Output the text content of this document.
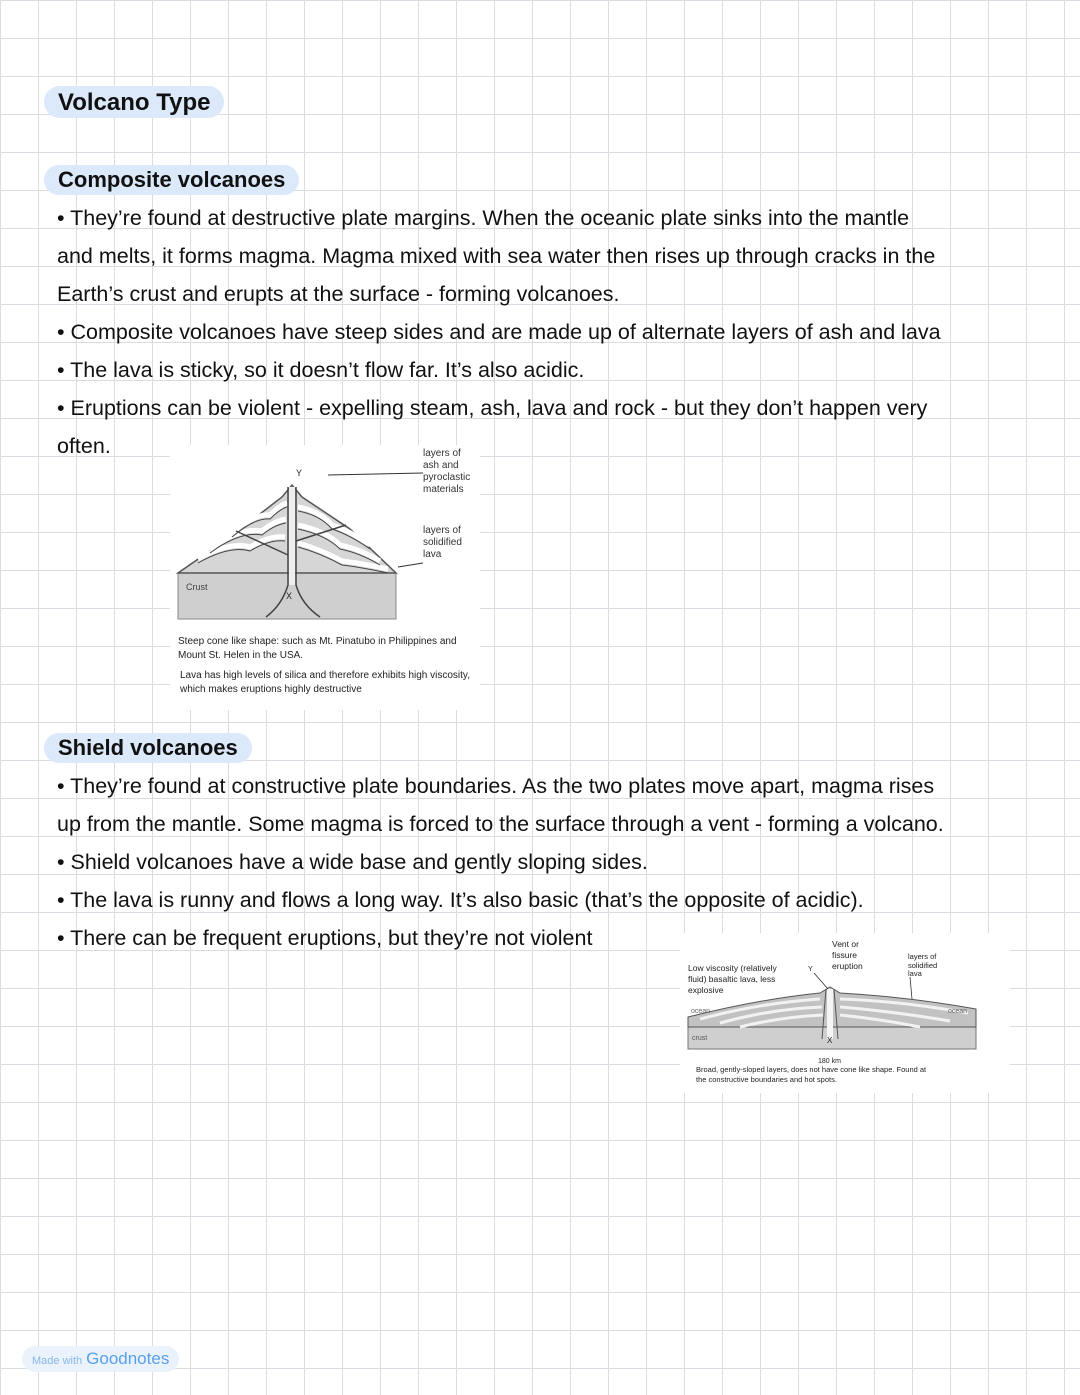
Volcano Type
Composite volcanoes
• They’re found at destructive plate margins. When the oceanic plate sinks into the mantle
and melts, it forms magma. Magma mixed with sea water then rises up through cracks in the
Earth’s crust and erupts at the surface - forming volcanoes.
• Composite volcanoes have steep sides and are made up of alternate layers of ash and lava
• The lava is sticky, so it doesn’t flow far. It’s also acidic.
• Eruptions can be violent - expelling steam, ash, lava and rock - but they don’t happen very
often.
Y
X
Crust
layers of ash and pyroclastic materials
layers of solidified lava

Steep cone like shape: such as Mt. Pinatubo in Philippines and Mount St. Helen in the USA.

Lava has high levels of silica and therefore exhibits high viscosity, which makes eruptions highly destructive

Shield volcanoes
• They’re found at constructive plate boundaries. As the two plates move apart, magma rises
up from the mantle. Some magma is forced to the surface through a vent - forming a volcano.
• Shield volcanoes have a wide base and gently sloping sides.
• The lava is runny and flows a long way. It’s also basic (that’s the opposite of acidic).
• There can be frequent eruptions, but they’re not violent
Y
X
ocean	ocean
crust
180 km
Low viscosity (relatively fluid) basaltic lava, less explosive
Vent or fissure eruption
layers of solidified lava

Broad, gently-sloped layers, does not have cone like shape. Found at the constructive boundaries and hot spots.

Made with Goodnotes
